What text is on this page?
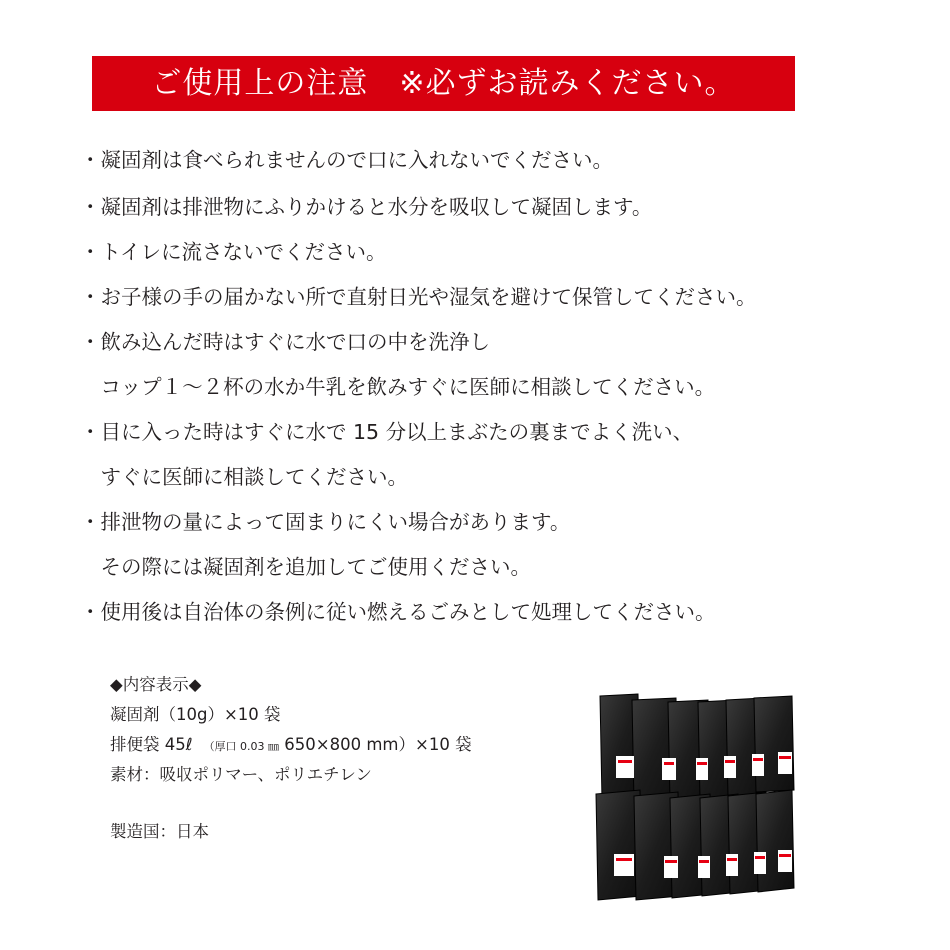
ご使用上の注意　※必ずお読みください。
・凝固剤は食べられませんので口に入れないでください。
・凝固剤は排泄物にふりかけると水分を吸収して凝固します。
・トイレに流さないでください。
・お子様の手の届かない所で直射日光や湿気を避けて保管してください。
・飲み込んだ時はすぐに水で口の中を洗浄し
　コップ１～２杯の水か牛乳を飲みすぐに医師に相談してください。
・目に入った時はすぐに水で 15 分以上まぶたの裏までよく洗い、
　すぐに医師に相談してください。
・排泄物の量によって固まりにくい場合があります。
　その際には凝固剤を追加してご使用ください。
・使用後は自治体の条例に従い燃えるごみとして処理してください。
◆内容表示◆
凝固剤（10g）×10 袋
排便袋 45ℓ　（厚口 0.03 ㎜ 650×800 mm）×10 袋
素材：吸収ポリマー、ポリエチレン
製造国：日本
